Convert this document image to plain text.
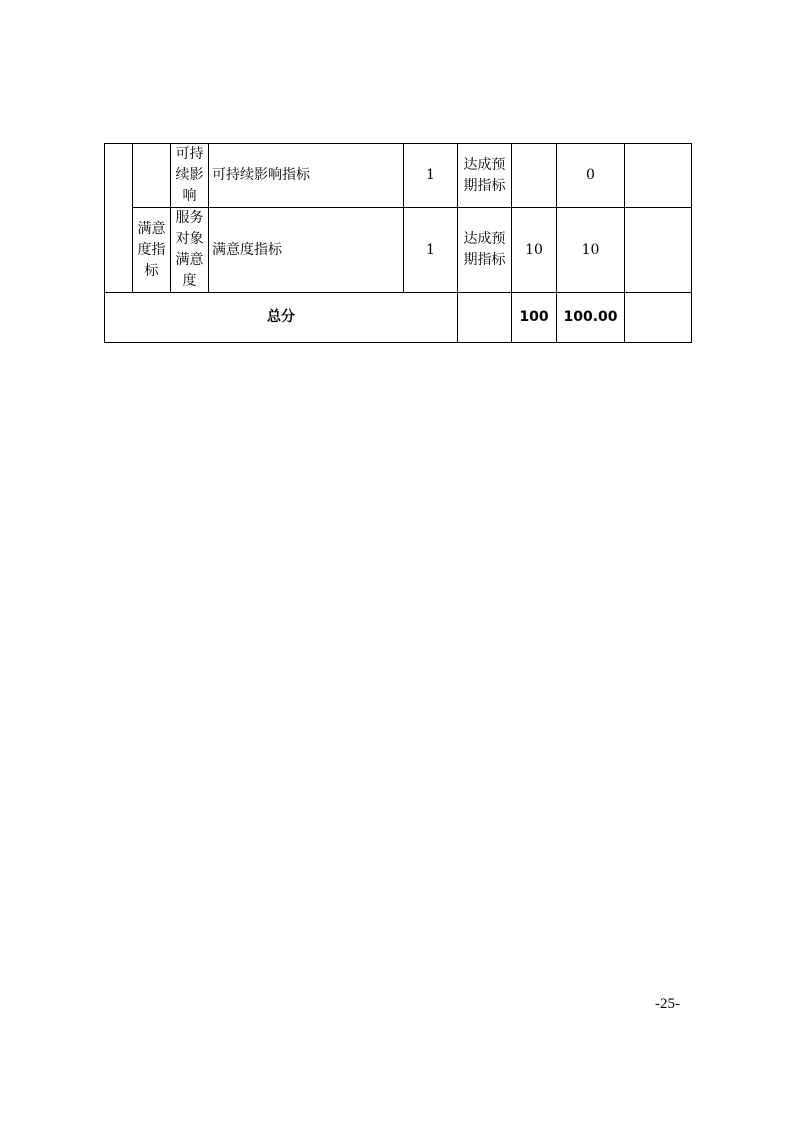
		可持续影响	可持续影响指标	1	达成预期指标		0	
	满意度指标	服务对象满意度	满意度指标	1	达成预期指标	10	10	
总分						100	100.00	
-25-
